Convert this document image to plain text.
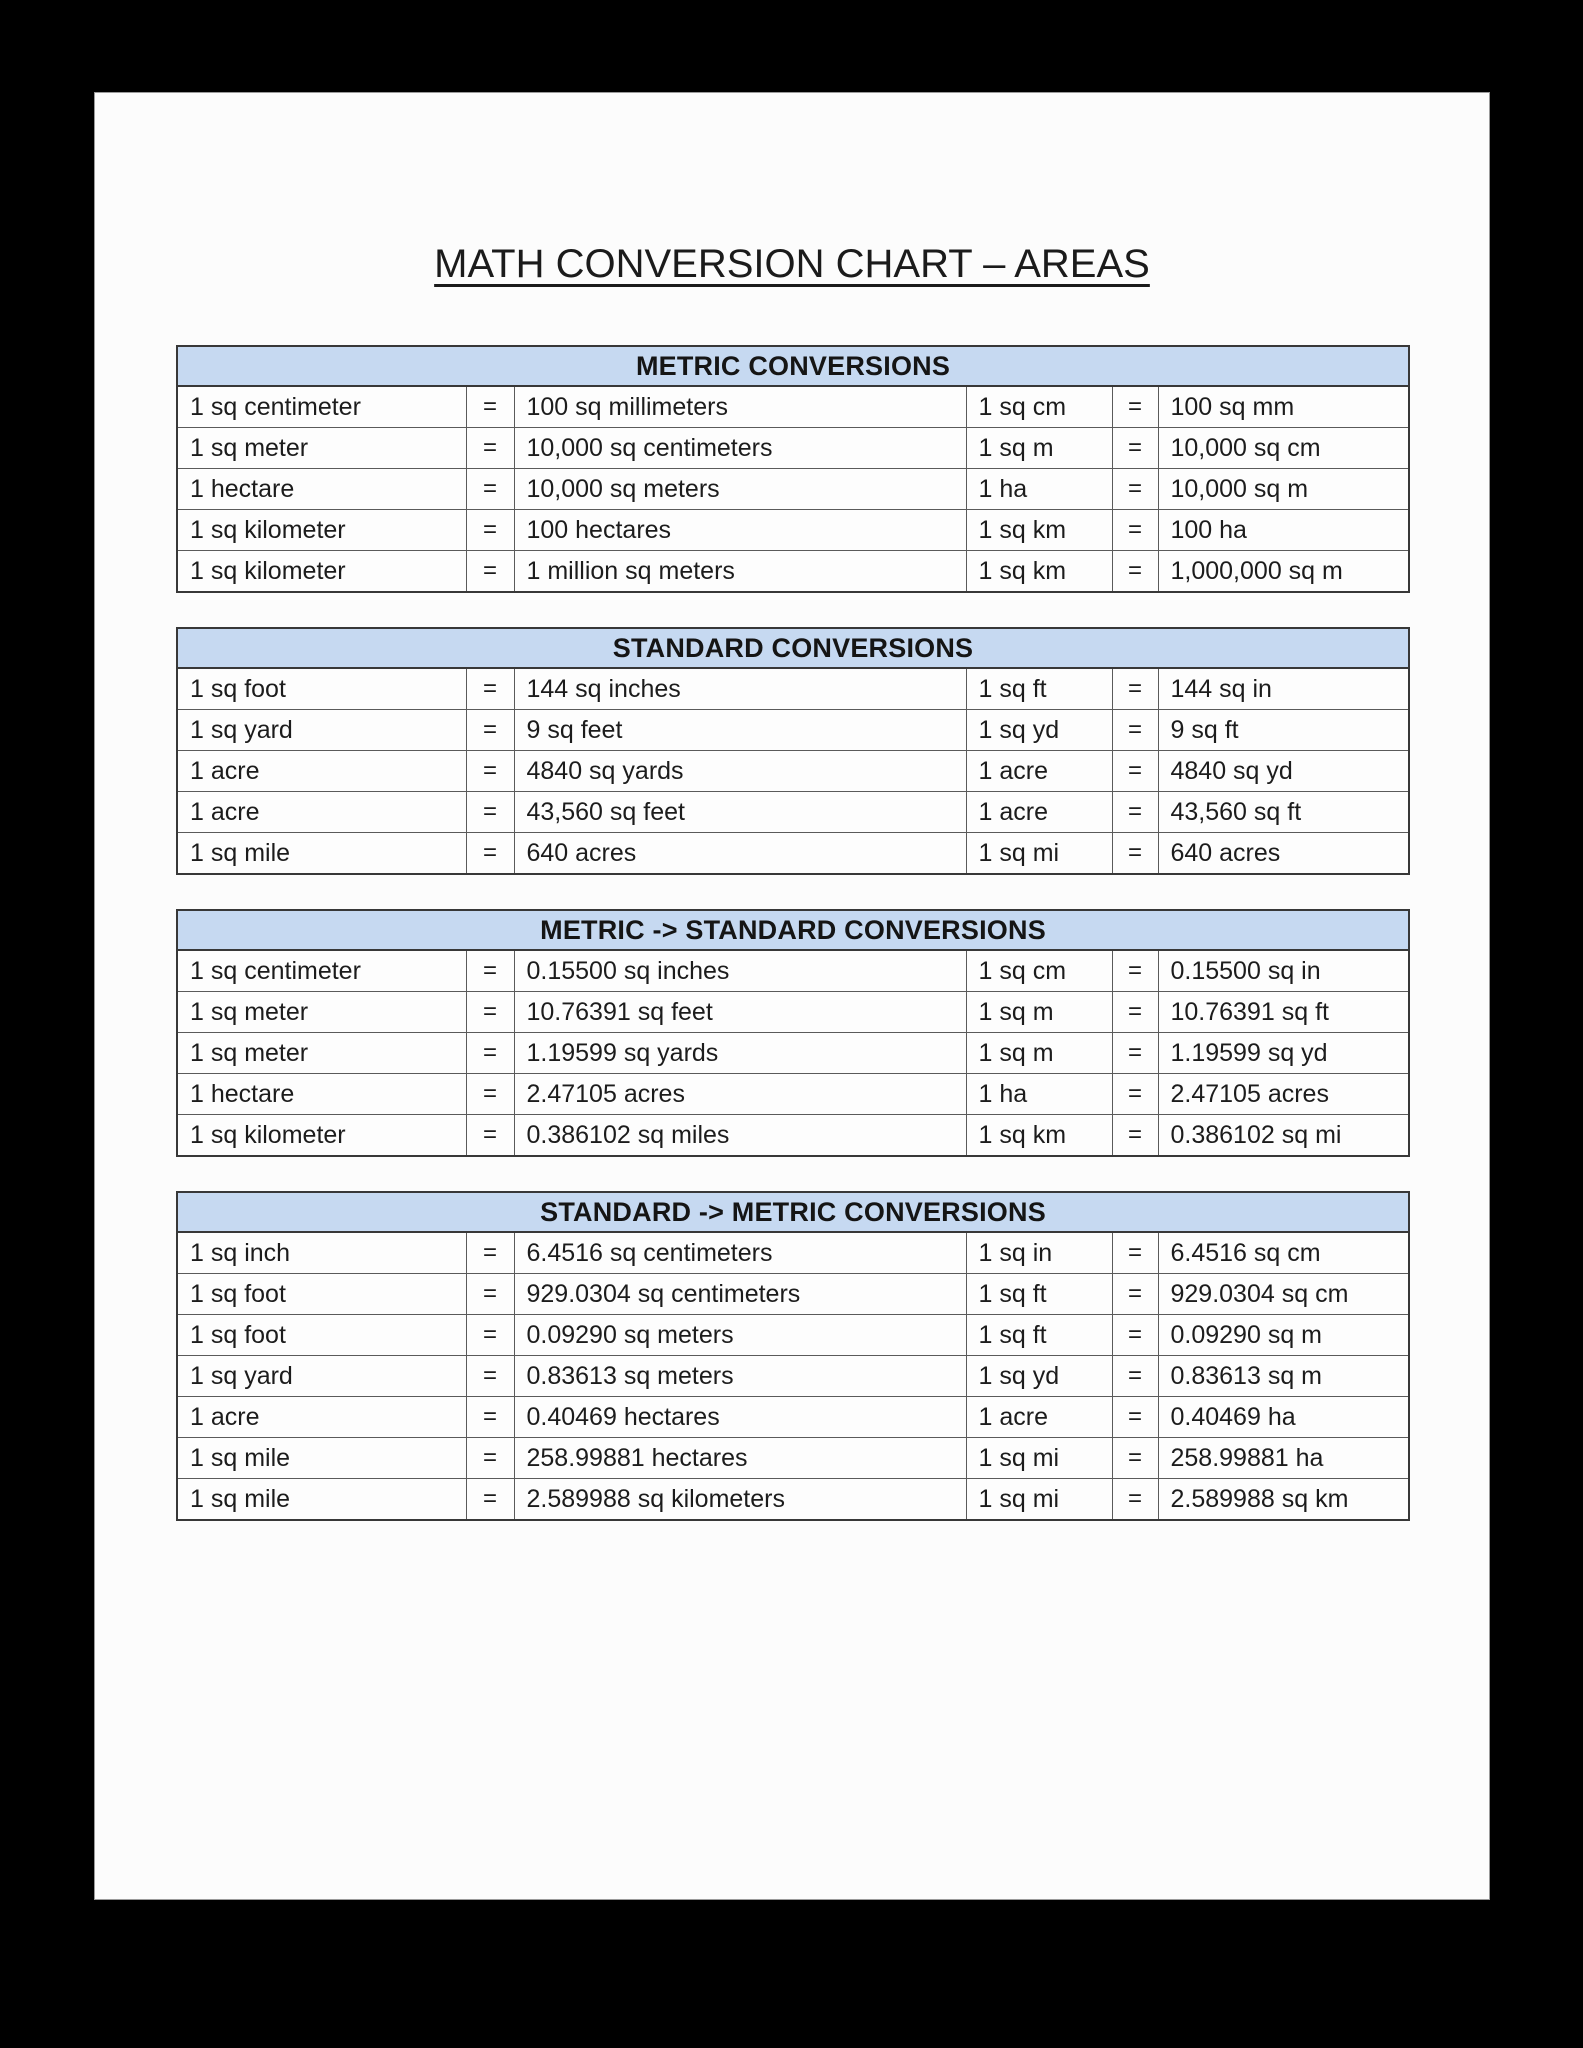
MATH CONVERSION CHART – AREAS
METRIC CONVERSIONS					
1 sq centimeter	=	100 sq millimeters	1 sq cm	=	100 sq mm
1 sq meter	=	10,000 sq centimeters	1 sq m	=	10,000 sq cm
1 hectare	=	10,000 sq meters	1 ha	=	10,000 sq m
1 sq kilometer	=	100 hectares	1 sq km	=	100 ha
1 sq kilometer	=	1 million sq meters	1 sq km	=	1,000,000 sq m
STANDARD CONVERSIONS					
1 sq foot	=	144 sq inches	1 sq ft	=	144 sq in
1 sq yard	=	9 sq feet	1 sq yd	=	9 sq ft
1 acre	=	4840 sq yards	1 acre	=	4840 sq yd
1 acre	=	43,560 sq feet	1 acre	=	43,560 sq ft
1 sq mile	=	640 acres	1 sq mi	=	640 acres
METRIC -> STANDARD CONVERSIONS					
1 sq centimeter	=	0.15500 sq inches	1 sq cm	=	0.15500 sq in
1 sq meter	=	10.76391 sq feet	1 sq m	=	10.76391 sq ft
1 sq meter	=	1.19599 sq yards	1 sq m	=	1.19599 sq yd
1 hectare	=	2.47105 acres	1 ha	=	2.47105 acres
1 sq kilometer	=	0.386102 sq miles	1 sq km	=	0.386102 sq mi
STANDARD -> METRIC CONVERSIONS					
1 sq inch	=	6.4516 sq centimeters	1 sq in	=	6.4516 sq cm
1 sq foot	=	929.0304 sq centimeters	1 sq ft	=	929.0304 sq cm
1 sq foot	=	0.09290 sq meters	1 sq ft	=	0.09290 sq m
1 sq yard	=	0.83613 sq meters	1 sq yd	=	0.83613 sq m
1 acre	=	0.40469 hectares	1 acre	=	0.40469 ha
1 sq mile	=	258.99881 hectares	1 sq mi	=	258.99881 ha
1 sq mile	=	2.589988 sq kilometers	1 sq mi	=	2.589988 sq km
